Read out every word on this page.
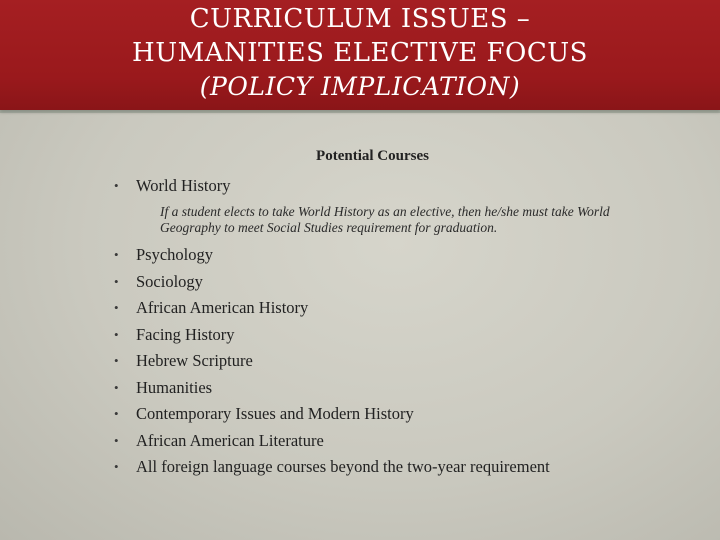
CURRICULUM ISSUES –
HUMANITIES ELECTIVE FOCUS
(POLICY IMPLICATION)
Potential Courses
•	World History
If a student elects to take World History as an elective, then he/she must take World Geography to meet Social Studies requirement for graduation.
•	Psychology
•	Sociology
•	African American History
•	Facing History
•	Hebrew Scripture
•	Humanities
•	Contemporary Issues and Modern History
•	African American Literature
•	All foreign language courses beyond the two-year requirement
